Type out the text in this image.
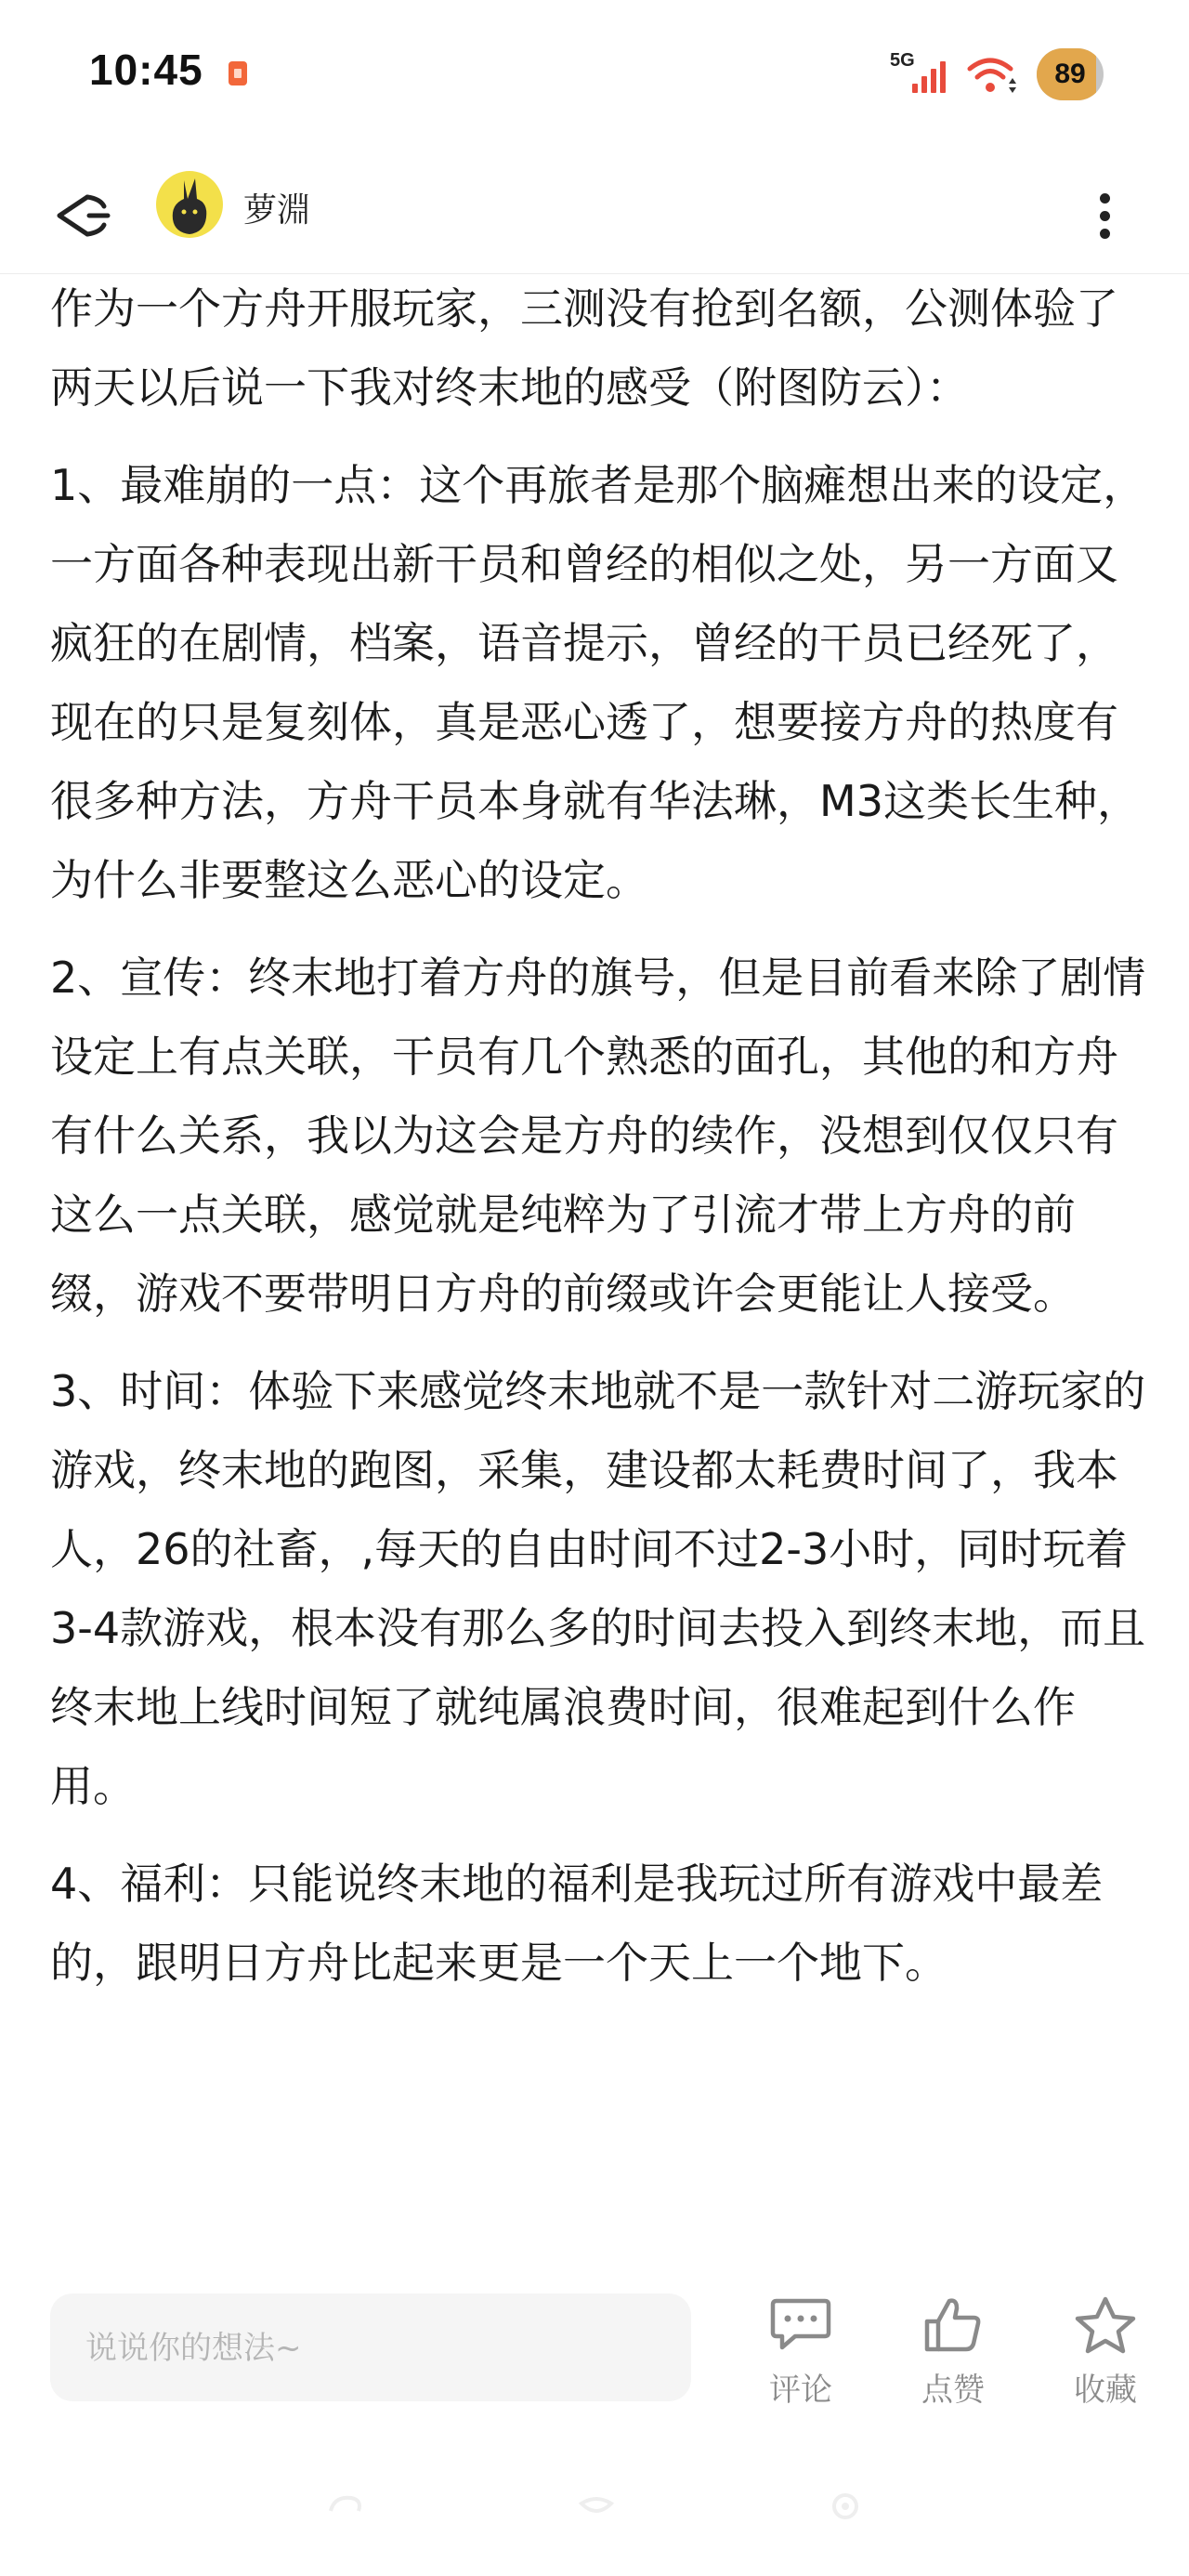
10:45	5G	89
萝淵

作为一个方舟开服玩家，三测没有抢到名额，公测体验了两天以后说一下我对终末地的感受（附图防云）：

1、最难崩的一点：这个再旅者是那个脑瘫想出来的设定，一方面各种表现出新干员和曾经的相似之处，另一方面又疯狂的在剧情，档案，语音提示，曾经的干员已经死了，现在的只是复刻体，真是恶心透了，想要接方舟的热度有很多种方法，方舟干员本身就有华法琳，M3这类长生种，为什么非要整这么恶心的设定。

2、宣传：终末地打着方舟的旗号，但是目前看来除了剧情设定上有点关联，干员有几个熟悉的面孔，其他的和方舟有什么关系，我以为这会是方舟的续作，没想到仅仅只有这么一点关联，感觉就是纯粹为了引流才带上方舟的前缀，游戏不要带明日方舟的前缀或许会更能让人接受。

3、时间：体验下来感觉终末地就不是一款针对二游玩家的游戏，终末地的跑图，采集，建设都太耗费时间了，我本人，26的社畜，,每天的自由时间不过2-3小时，同时玩着3-4款游戏，根本没有那么多的时间去投入到终末地，而且终末地上线时间短了就纯属浪费时间，很难起到什么作用。

4、福利：只能说终末地的福利是我玩过所有游戏中最差的，跟明日方舟比起来更是一个天上一个地下。

说说你的想法~
评论	点赞	收藏
